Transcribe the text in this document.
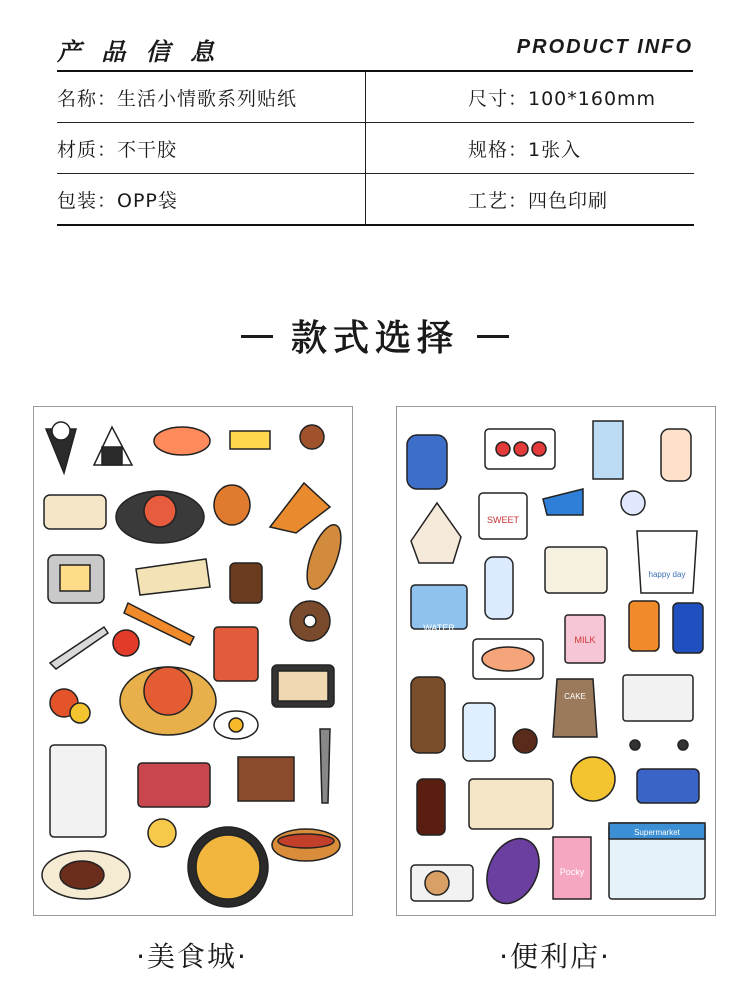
产 品 信 息	PRODUCT INFO
名称：生活小情歌系列贴纸	尺寸：100*160mm
材质：不干胶	规格：1张入
包装：OPP袋	工艺：四色印刷
款式选择
SWEET
happy day
WATER
MILK
CAKE
Pocky
Supermarket
·美食城·	·便利店·
